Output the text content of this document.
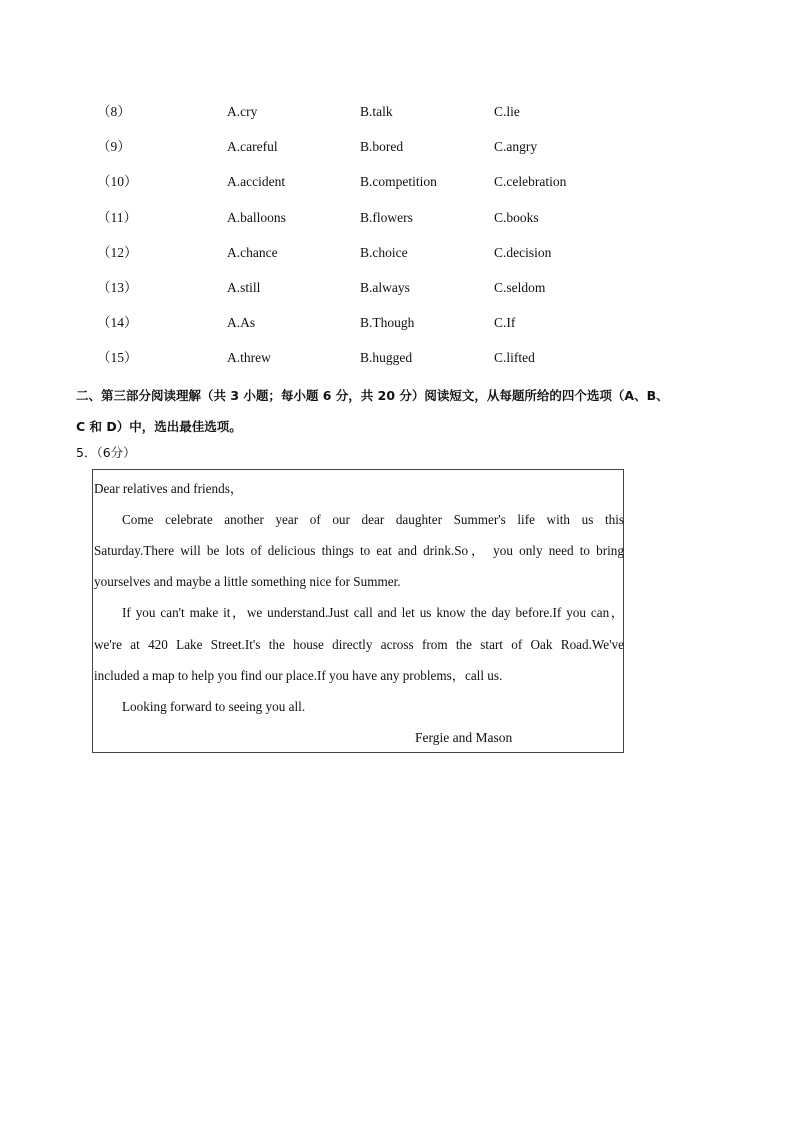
（8）	A.cry	B.talk	C.lie
（9）	A.careful	B.bored	C.angry
（10）	A.accident	B.competition	C.celebration
（11）	A.balloons	B.flowers	C.books
（12）	A.chance	B.choice	C.decision
（13）	A.still	B.always	C.seldom
（14）	A.As	B.Though	C.If
（15）	A.threw	B.hugged	C.lifted
二、第三部分阅读理解（共 3 小题；每小题 6 分，共 20 分）阅读短文，从每题所给的四个选项（A、B、
C 和 D）中，选出最佳选项。
5．（6分）
Dear relatives and friends，
Come celebrate another year of our dear daughter Summer's life with us this
Saturday.There will be lots of delicious things to eat and drink.So， you only need to bring
yourselves and maybe a little something nice for Summer.
If you can't make it，we understand.Just call and let us know the day before.If you can，
we're at 420 Lake Street.It's the house directly across from the start of Oak Road.We've
included a map to help you find our place.If you have any problems，call us.
Looking forward to seeing you all.
Fergie and Mason
